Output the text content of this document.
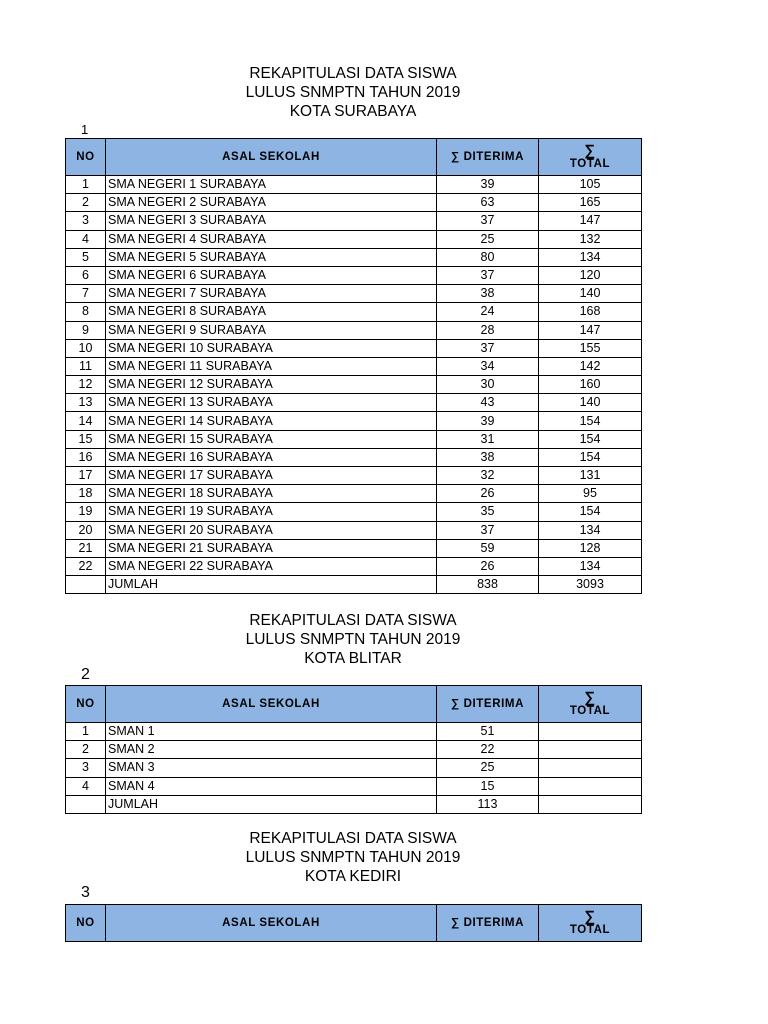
REKAPITULASI DATA SISWA
LULUS SNMPTN TAHUN 2019
KOTA SURABAYA
1
NO	ASAL SEKOLAH	∑ DITERIMA	∑
TOTAL

1	SMA NEGERI 1 SURABAYA	39	105
2	SMA NEGERI 2 SURABAYA	63	165
3	SMA NEGERI 3 SURABAYA	37	147
4	SMA NEGERI 4 SURABAYA	25	132
5	SMA NEGERI 5 SURABAYA	80	134
6	SMA NEGERI 6 SURABAYA	37	120
7	SMA NEGERI 7 SURABAYA	38	140
8	SMA NEGERI 8 SURABAYA	24	168
9	SMA NEGERI 9 SURABAYA	28	147
10	SMA NEGERI 10 SURABAYA	37	155
11	SMA NEGERI 11 SURABAYA	34	142
12	SMA NEGERI 12 SURABAYA	30	160
13	SMA NEGERI 13 SURABAYA	43	140
14	SMA NEGERI 14 SURABAYA	39	154
15	SMA NEGERI 15 SURABAYA	31	154
16	SMA NEGERI 16 SURABAYA	38	154
17	SMA NEGERI 17 SURABAYA	32	131
18	SMA NEGERI 18 SURABAYA	26	95
19	SMA NEGERI 19 SURABAYA	35	154
20	SMA NEGERI 20 SURABAYA	37	134
21	SMA NEGERI 21 SURABAYA	59	128
22	SMA NEGERI 22 SURABAYA	26	134
	JUMLAH	838	3093
REKAPITULASI DATA SISWA
LULUS SNMPTN TAHUN 2019
KOTA BLITAR
2
NO	ASAL SEKOLAH	∑ DITERIMA	∑
TOTAL

1	SMAN 1	51	
2	SMAN 2	22	
3	SMAN 3	25	
4	SMAN 4	15	
	JUMLAH	113	
REKAPITULASI DATA SISWA
LULUS SNMPTN TAHUN 2019
KOTA KEDIRI
3
NO	ASAL SEKOLAH	∑ DITERIMA	∑
TOTAL
